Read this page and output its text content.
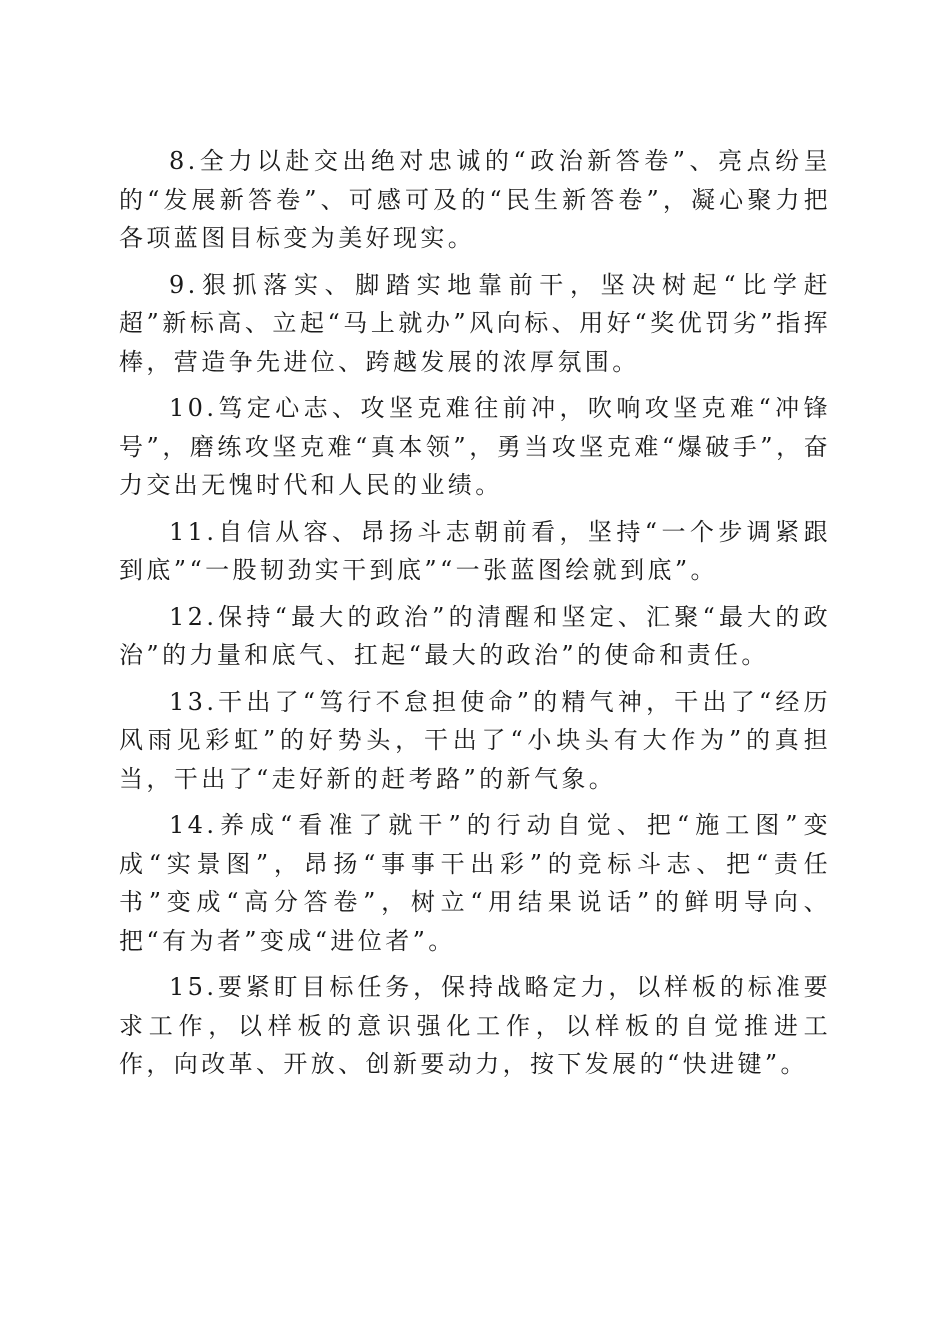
8.全力以赴交出绝对忠诚的“政治新答卷”、亮点纷呈的“发展新答卷”、可感可及的“民生新答卷”，凝心聚力把各项蓝图目标变为美好现实。

9.狠抓落实、脚踏实地靠前干，坚决树起“比学赶超”新标高、立起“马上就办”风向标、用好“奖优罚劣”指挥棒，营造争先进位、跨越发展的浓厚氛围。

10.笃定心志、攻坚克难往前冲，吹响攻坚克难“冲锋号”，磨练攻坚克难“真本领”，勇当攻坚克难“爆破手”，奋力交出无愧时代和人民的业绩。

11.自信从容、昂扬斗志朝前看，坚持“一个步调紧跟到底”“一股韧劲实干到底”“一张蓝图绘就到底”。

12.保持“最大的政治”的清醒和坚定、汇聚“最大的政治”的力量和底气、扛起“最大的政治”的使命和责任。

13.干出了“笃行不怠担使命”的精气神，干出了“经历风雨见彩虹”的好势头，干出了“小块头有大作为”的真担当，干出了“走好新的赶考路”的新气象。

14.养成“看准了就干”的行动自觉、把“施工图”变成“实景图”，昂扬“事事干出彩”的竞标斗志、把“责任书”变成“高分答卷”，树立“用结果说话”的鲜明导向、把“有为者”变成“进位者”。

15.要紧盯目标任务，保持战略定力，以样板的标准要求工作，以样板的意识强化工作，以样板的自觉推进工作，向改革、开放、创新要动力，按下发展的“快进键”。
